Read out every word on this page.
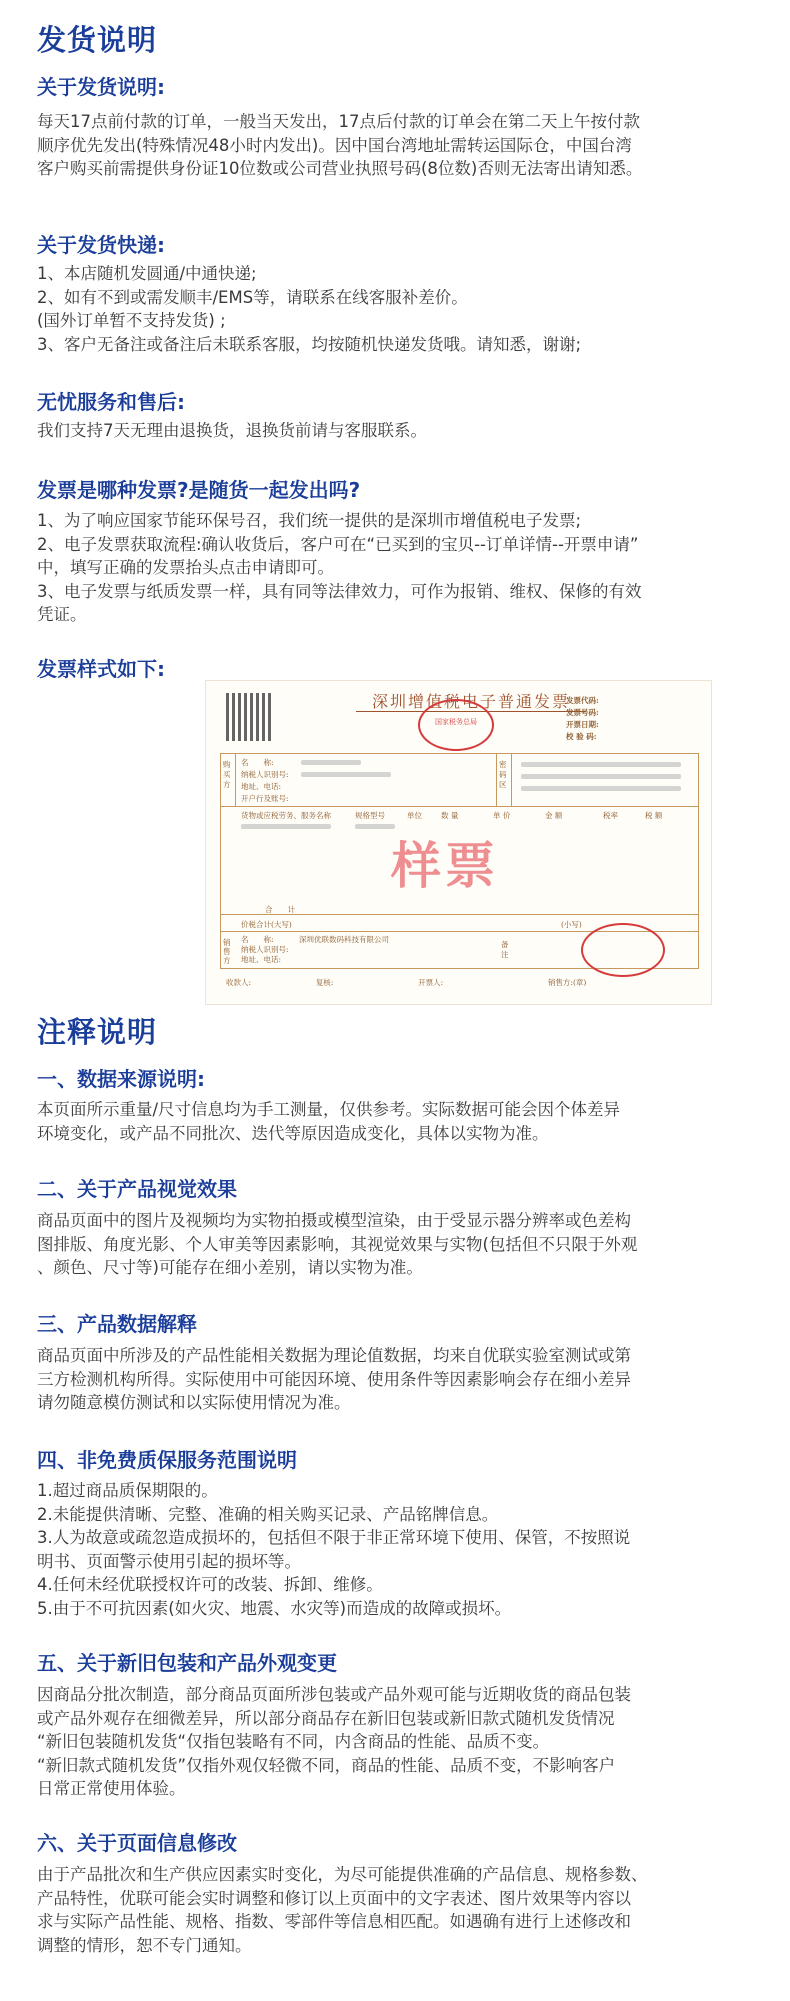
发货说明
关于发货说明:
每天17点前付款的订单，一般当天发出，17点后付款的订单会在第二天上午按付款
顺序优先发出(特殊情况48小时内发出)。因中国台湾地址需转运国际仓，中国台湾
客户购买前需提供身份证10位数或公司营业执照号码(8位数)否则无法寄出请知悉。
关于发货快递:
1、本店随机发圆通/中通快递;
2、如有不到或需发顺丰/EMS等，请联系在线客服补差价。
(国外订单暂不支持发货) ;
3、客户无备注或备注后未联系客服，均按随机快递发货哦。请知悉，谢谢;
无忧服务和售后:
我们支持7天无理由退换货，退换货前请与客服联系。
发票是哪种发票?是随货一起发出吗?
1、为了响应国家节能环保号召，我们统一提供的是深圳市增值税电子发票;
2、电子发票获取流程:确认收货后，客户可在“已买到的宝贝--订单详情--开票申请”
中，填写正确的发票抬头点击申请即可。
3、电子发票与纸质发票一样，具有同等法律效力，可作为报销、维权、保修的有效
凭证。
发票样式如下:
深圳增值税电子普通发票
国家税务总局
发票代码:
发票号码:
开票日期:
校 验 码:
购买方
名　　称:
纳税人识别号:
地址、电话:
开户行及账号:
密码区
货物或应税劳务、服务名称	规格型号	单位	数 量	单 价	金 额	税率	税 额
合　　计
价税合计(大写)	(小写)
销售方
名　　称:	深圳优联数码科技有限公司
纳税人识别号:
地址、电话:
备注
样票
收款人:	复核:	开票人:	销售方:(章)
注释说明
一、数据来源说明:
本页面所示重量/尺寸信息均为手工测量，仅供参考。实际数据可能会因个体差异
环境变化，或产品不同批次、迭代等原因造成变化，具体以实物为准。
二、关于产品视觉效果
商品页面中的图片及视频均为实物拍摄或模型渲染，由于受显示器分辨率或色差构
图排版、角度光影、个人审美等因素影响，其视觉效果与实物(包括但不只限于外观
、颜色、尺寸等)可能存在细小差别，请以实物为准。
三、产品数据解释
商品页面中所涉及的产品性能相关数据为理论值数据，均来自优联实验室测试或第
三方检测机构所得。实际使用中可能因环境、使用条件等因素影响会存在细小差异
请勿随意模仿测试和以实际使用情况为准。
四、非免费质保服务范围说明
1.超过商品质保期限的。
2.未能提供清晰、完整、准确的相关购买记录、产品铭牌信息。
3.人为故意或疏忽造成损坏的，包括但不限于非正常环境下使用、保管，不按照说
明书、页面警示使用引起的损坏等。
4.任何未经优联授权许可的改装、拆卸、维修。
5.由于不可抗因素(如火灾、地震、水灾等)而造成的故障或损坏。
五、关于新旧包装和产品外观变更
因商品分批次制造，部分商品页面所涉包装或产品外观可能与近期收货的商品包装
或产品外观存在细微差异，所以部分商品存在新旧包装或新旧款式随机发货情况
“新旧包装随机发货“仅指包装略有不同，内含商品的性能、品质不变。
“新旧款式随机发货”仅指外观仅轻微不同，商品的性能、品质不变，不影响客户
日常正常使用体验。
六、关于页面信息修改
由于产品批次和生产供应因素实时变化，为尽可能提供准确的产品信息、规格参数、
产品特性，优联可能会实时调整和修订以上页面中的文字表述、图片效果等内容以
求与实际产品性能、规格、指数、零部件等信息相匹配。如遇确有进行上述修改和
调整的情形，恕不专门通知。
